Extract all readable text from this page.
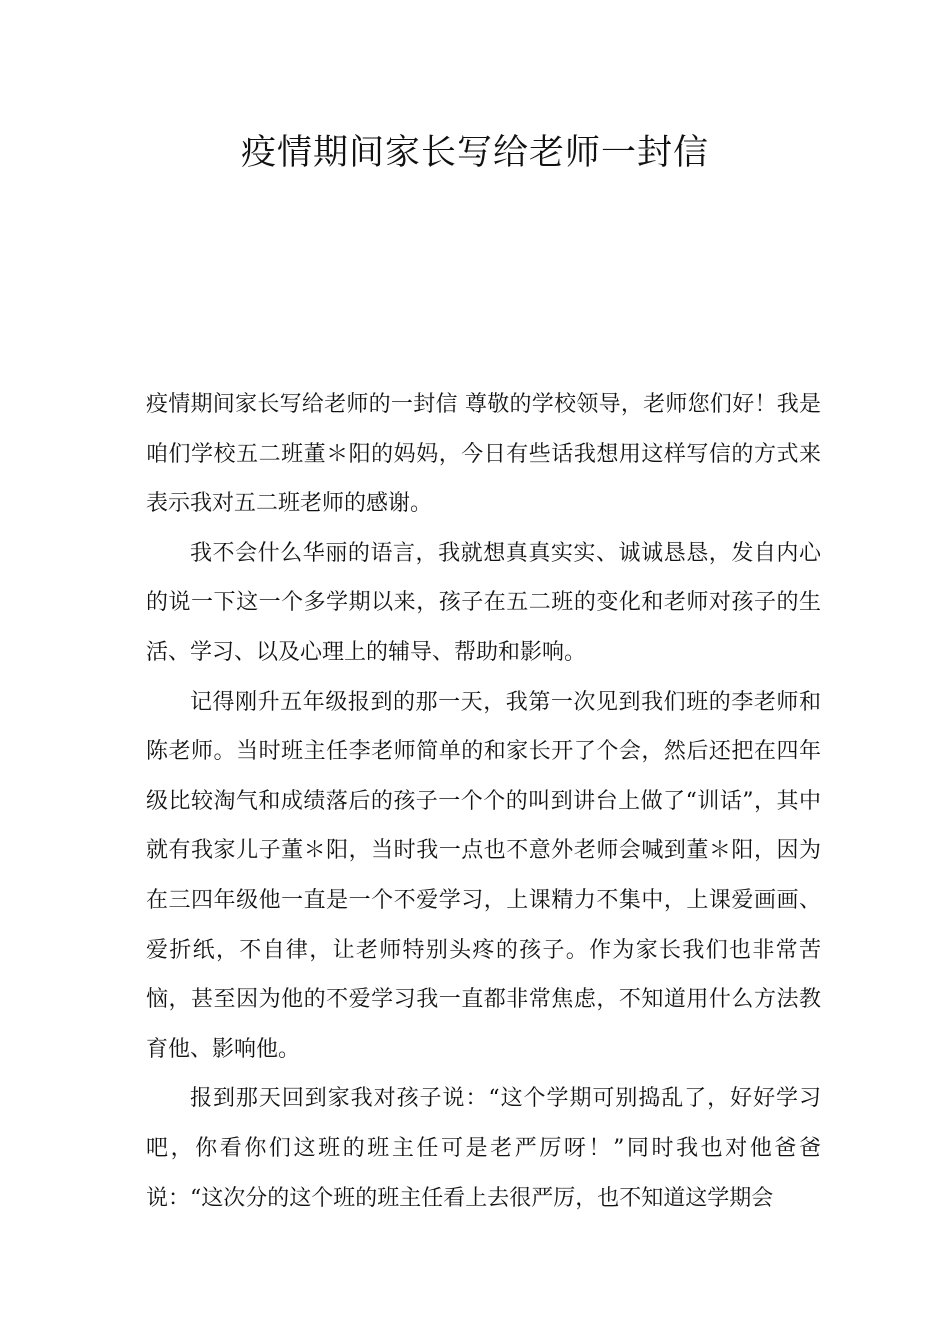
疫情期间家长写给老师一封信

疫情期间家长写给老师的一封信 尊敬的学校领导，老师您们好！我是咱们学校五二班董＊阳的妈妈，今日有些话我想用这样写信的方式来表示我对五二班老师的感谢。

我不会什么华丽的语言，我就想真真实实、诚诚恳恳，发自内心的说一下这一个多学期以来，孩子在五二班的变化和老师对孩子的生活、学习、以及心理上的辅导、帮助和影响。

记得刚升五年级报到的那一天，我第一次见到我们班的李老师和陈老师。当时班主任李老师简单的和家长开了个会，然后还把在四年级比较淘气和成绩落后的孩子一个个的叫到讲台上做了“训话”，其中就有我家儿子董＊阳，当时我一点也不意外老师会喊到董＊阳，因为在三四年级他一直是一个不爱学习，上课精力不集中，上课爱画画、爱折纸，不自律，让老师特别头疼的孩子。作为家长我们也非常苦恼，甚至因为他的不爱学习我一直都非常焦虑，不知道用什么方法教育他、影响他。

报到那天回到家我对孩子说：“这个学期可别捣乱了，好好学习吧，你看你们这班的班主任可是老严厉呀！”同时我也对他爸爸说：“这次分的这个班的班主任看上去很严厉，也不知道这学期会
